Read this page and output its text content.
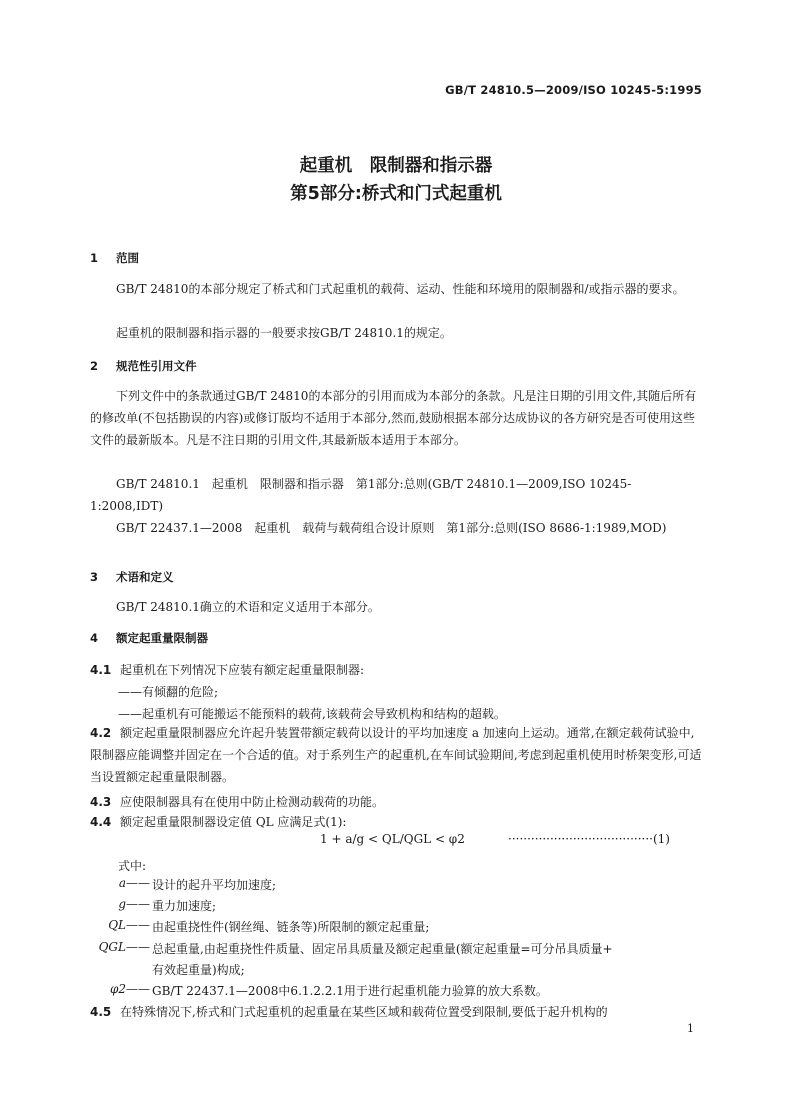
GB/T 24810.5—2009/ISO 10245-5:1995
起重机　限制器和指示器
第5部分:桥式和门式起重机
1 范围
GB/T 24810的本部分规定了桥式和门式起重机的载荷、运动、性能和环境用的限制器和/或指示器的要求。
起重机的限制器和指示器的一般要求按GB/T 24810.1的规定。
2 规范性引用文件
下列文件中的条款通过GB/T 24810的本部分的引用而成为本部分的条款。凡是注日期的引用文件,其随后所有的修改单(不包括勘误的内容)或修订版均不适用于本部分,然而,鼓励根据本部分达成协议的各方研究是否可使用这些文件的最新版本。凡是不注日期的引用文件,其最新版本适用于本部分。
GB/T 24810.1　起重机　限制器和指示器　第1部分:总则(GB/T 24810.1—2009,ISO 10245-1:2008,IDT)
GB/T 22437.1—2008　起重机　载荷与载荷组合设计原则　第1部分:总则(ISO 8686-1:1989,MOD)
3 术语和定义
GB/T 24810.1确立的术语和定义适用于本部分。
4 额定起重量限制器
4.1 起重机在下列情况下应装有额定起重量限制器:
——有倾翻的危险;
——起重机有可能搬运不能预料的载荷,该载荷会导致机构和结构的超载。
4.2 额定起重量限制器应允许起升装置带额定载荷以设计的平均加速度 a 加速向上运动。通常,在额定载荷试验中,限制器应能调整并固定在一个合适的值。对于系列生产的起重机,在车间试验期间,考虑到起重机使用时桥架变形,可适当设置额定起重量限制器。
4.3 应使限制器具有在使用中防止检测动载荷的功能。
4.4 额定起重量限制器设定值 QL 应满足式(1):
1 + a/g < QL/QGL < φ2	······································(1)
式中:
a—— 设计的起升平均加速度;
g—— 重力加速度;
QL—— 由起重挠性件(钢丝绳、链条等)所限制的额定起重量;
QGL—— 总起重量,由起重挠性件质量、固定吊具质量及额定起重量(额定起重量=可分吊具质量+
有效起重量)构成;
φ2—— GB/T 22437.1—2008中6.1.2.2.1用于进行起重机能力验算的放大系数。
4.5 在特殊情况下,桥式和门式起重机的起重量在某些区域和载荷位置受到限制,要低于起升机构的
1
